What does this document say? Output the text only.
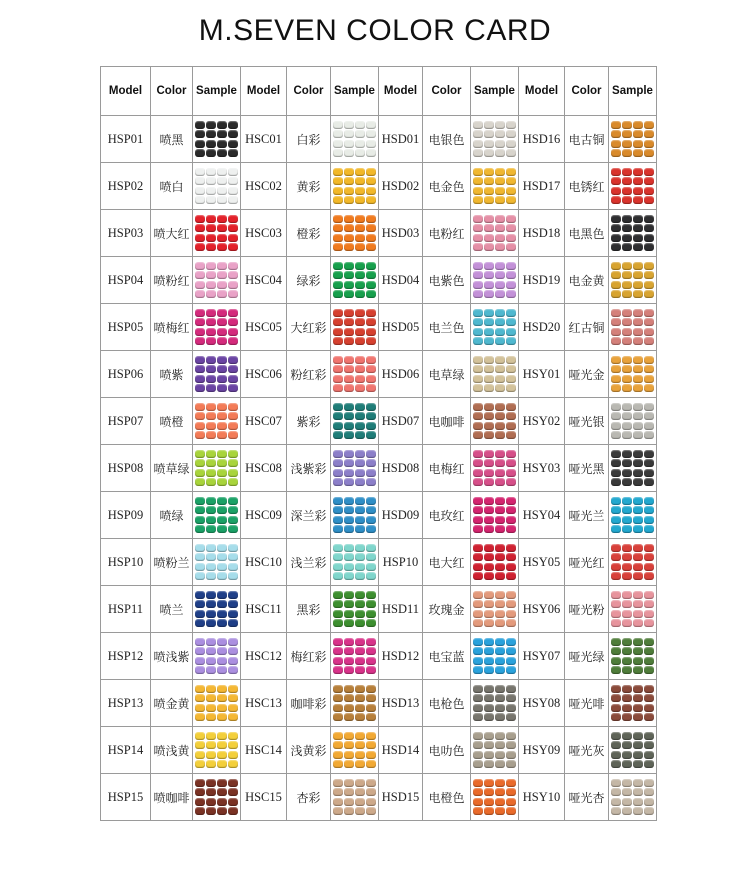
M.SEVEN COLOR CARD
Model	Color	Sample	Model	Color	Sample	Model	Color	Sample	Model	Color	Sample
HSP01	喷黑		HSC01	白彩		HSD01	电银色		HSD16	电古铜	

HSP02	喷白		HSC02	黄彩		HSD02	电金色		HSD17	电锈红	

HSP03	喷大红		HSC03	橙彩		HSD03	电粉红		HSD18	电黑色	

HSP04	喷粉红		HSC04	绿彩		HSD04	电紫色		HSD19	电金黄	

HSP05	喷梅红		HSC05	大红彩		HSD05	电兰色		HSD20	红古铜	

HSP06	喷紫		HSC06	粉红彩		HSD06	电草绿		HSY01	哑光金	

HSP07	喷橙		HSC07	紫彩		HSD07	电咖啡		HSY02	哑光银	

HSP08	喷草绿		HSC08	浅紫彩		HSD08	电梅红		HSY03	哑光黑	

HSP09	喷绿		HSC09	深兰彩		HSD09	电玫红		HSY04	哑光兰	

HSP10	喷粉兰		HSC10	浅兰彩		HSP10	电大红		HSY05	哑光红	

HSP11	喷兰		HSC11	黑彩		HSD11	玫瑰金		HSY06	哑光粉	

HSP12	喷浅紫		HSC12	梅红彩		HSD12	电宝蓝		HSY07	哑光绿	

HSP13	喷金黄		HSC13	咖啡彩		HSD13	电枪色		HSY08	哑光啡	

HSP14	喷浅黄		HSC14	浅黄彩		HSD14	电叻色		HSY09	哑光灰	

HSP15	喷咖啡		HSC15	杏彩		HSD15	电橙色		HSY10	哑光杏	
